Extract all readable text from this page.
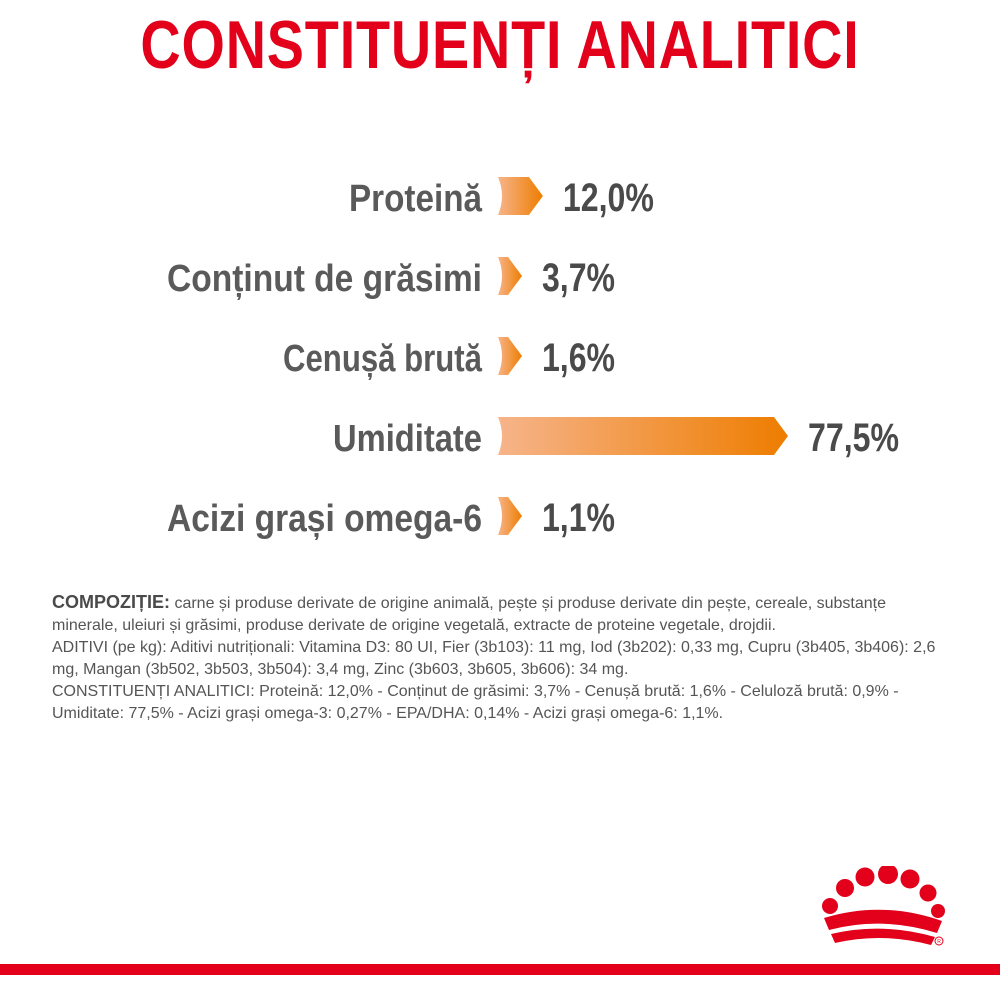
CONSTITUENȚI ANALITICI
Proteină 12,0%
Conținut de grăsimi 3,7%
Cenușă brută 1,6%
Umiditate	77,5%
Acizi grași omega-6 1,1%

COMPOZIȚIE: carne și produse derivate de origine animală, pește și produse derivate din pește, cereale, substanțe minerale, uleiuri și grăsimi, produse derivate de origine vegetală, extracte de proteine vegetale, drojdii.

ADITIVI (pe kg): Aditivi nutriționali: Vitamina D3: 80 UI, Fier (3b103): 11 mg, Iod (3b202): 0,33 mg, Cupru (3b405, 3b406): 2,6 mg, Mangan (3b502, 3b503, 3b504): 3,4 mg, Zinc (3b603, 3b605, 3b606): 34 mg.

CONSTITUENȚI ANALITICI: Proteină: 12,0% - Conținut de grăsimi: 3,7% - Cenușă brută: 1,6% - Celuloză brută: 0,9% - Umiditate: 77,5% - Acizi grași omega-3: 0,27% - EPA/DHA: 0,14% - Acizi grași omega-6: 1,1%.

R
